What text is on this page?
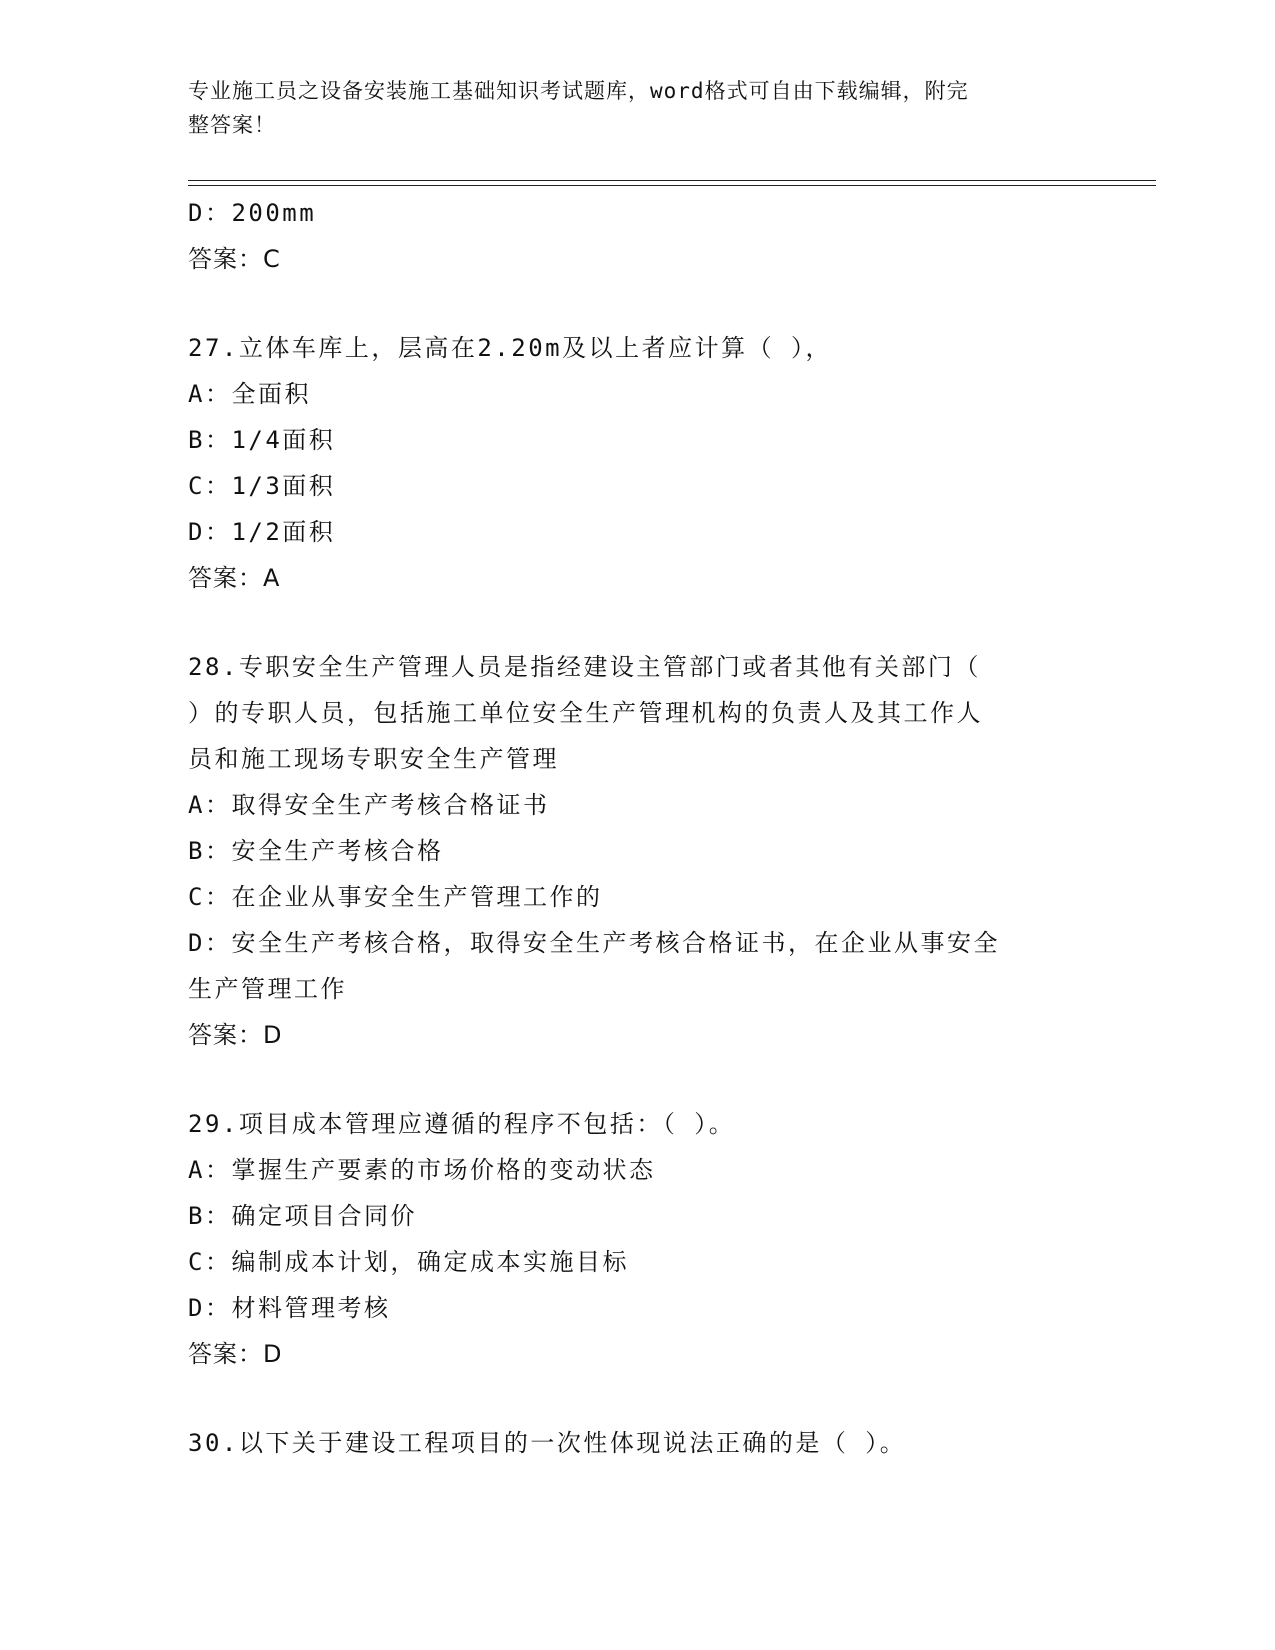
专业施工员之设备安装施工基础知识考试题库，word格式可自由下载编辑，附完
整答案！
D：200mm
答案：C
27.立体车库上，层高在2.20m及以上者应计算（ ），
A：全面积
B：1/4面积
C：1/3面积
D：1/2面积
答案：A
28.专职安全生产管理人员是指经建设主管部门或者其他有关部门（
）的专职人员，包括施工单位安全生产管理机构的负责人及其工作人
员和施工现场专职安全生产管理
A：取得安全生产考核合格证书
B：安全生产考核合格
C：在企业从事安全生产管理工作的
D：安全生产考核合格，取得安全生产考核合格证书，在企业从事安全
生产管理工作
答案：D
29.项目成本管理应遵循的程序不包括：（ ）。
A：掌握生产要素的市场价格的变动状态
B：确定项目合同价
C：编制成本计划，确定成本实施目标
D：材料管理考核
答案：D
30.以下关于建设工程项目的一次性体现说法正确的是（ ）。
